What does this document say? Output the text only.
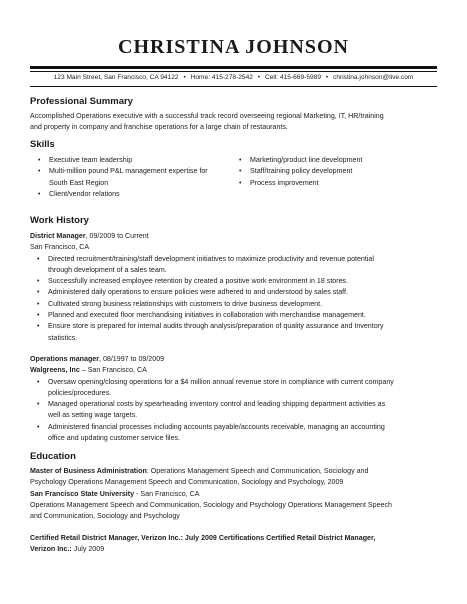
CHRISTINA JOHNSON
123 Main Street, San Francisco, CA 94122 • Home: 415-278-2542 • Cell: 415-669-5989 • christina.johnson@live.com
Professional Summary
Accomplished Operations executive with a successful track record overseeing regional Marketing, IT, HR/training
and property in company and franchise operations for a large chain of restaurants.
Skills
• Executive team leadership
• Multi-million pound P&L management expertise for
South East Region
• Client/vendor relations
• Marketing/product line development
• Staff/training policy development
• Process improvement
Work History
District Manager, 09/2009 to Current
San Francisco, CA
• Directed recruitment/training/staff development initiatives to maximize productivity and revenue potential
through development of a sales team.
• Successfully increased employee retention by created a positive work environment in 18 stores.
• Administered daily operations to ensure policies were adhered to and understood by sales staff.
• Cultivated strong business relationships with customers to drive business development.
• Planned and executed floor merchandising initiatives in collaboration with merchandise management.
• Ensure store is prepared for internal audits through analysis/preparation of quality assurance and Inventory
statistics.
Operations manager, 08/1997 to 09/2009
Walgreens, Inc – San Francisco, CA
• Oversaw opening/closing operations for a $4 million annual revenue store in compliance with current company
policies/procedures.
• Managed operational costs by spearheading inventory control and leading shipping department activities as
well as setting wage targets.
• Administered financial processes including accounts payable/accounts receivable, managing an accounting
office and updating customer service files.
Education
Master of Business Administration: Operations Management Speech and Communication, Sociology and
Psychology Operations Management Speech and Communication, Sociology and Psychology, 2009
San Francisco State University - San Francisco, CA
Operations Management Speech and Communication, Sociology and Psychology Operations Management Speech
and Communication, Sociology and Psychology
Certified Retail District Manager, Verizon Inc.: July 2009 Certifications Certified Retail District Manager,
Verizon Inc.: July 2009
